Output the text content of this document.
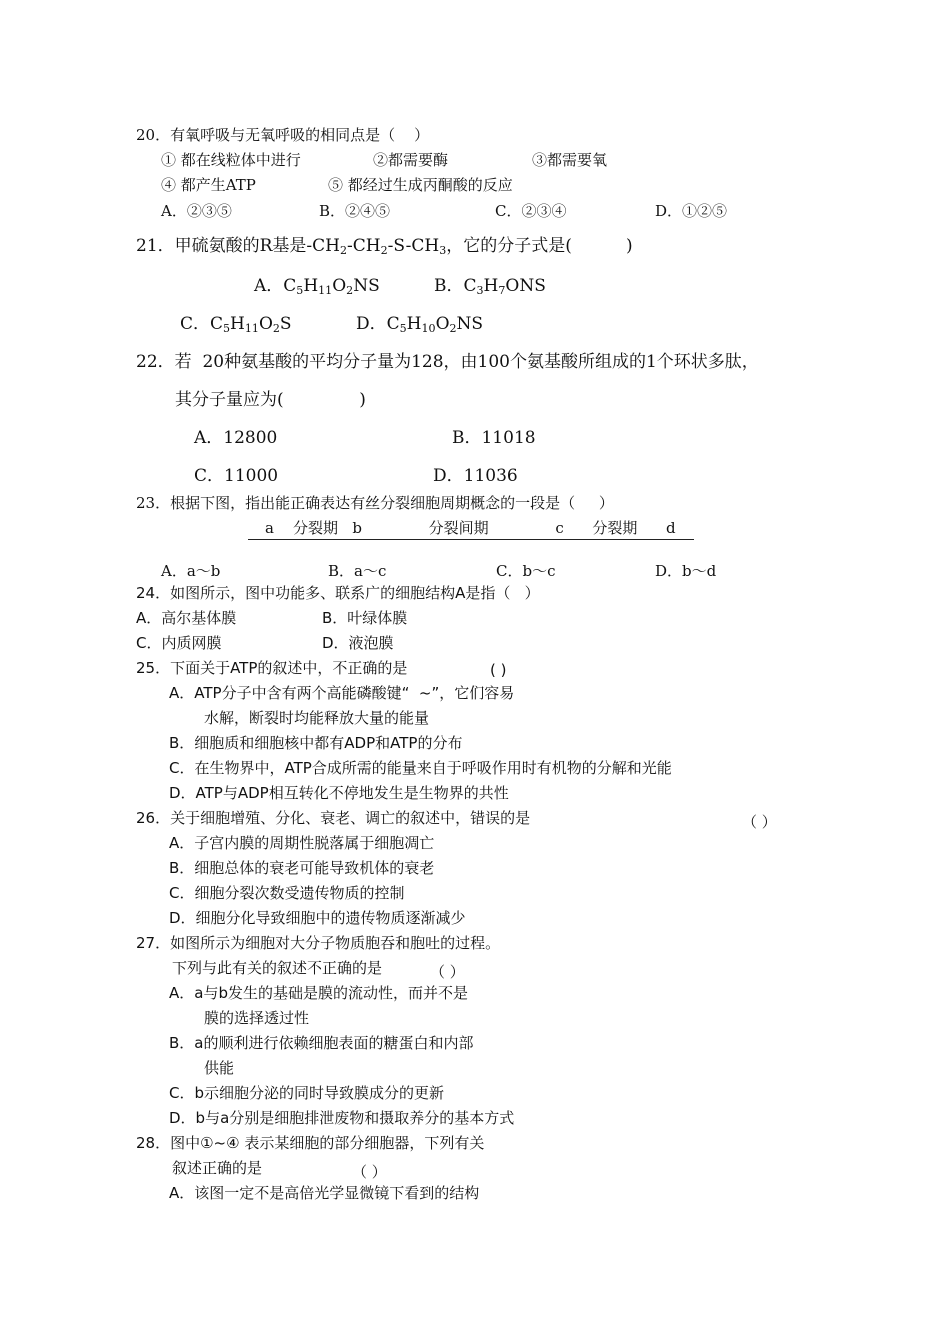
20．有氧呼吸与无氧呼吸的相同点是（    ）
① 都在线粒体中进行	②都需要酶	③都需要氧
④ 都产生ATP	⑤ 都经过生成丙酮酸的反应
A．②③⑤	B．②④⑤	C．②③④	D．①②⑤
21．甲硫氨酸的R基是$-CH_2-CH_2-S-CH_3$，它的分子式是(          )
A．$C_5H_{11}O_2NS$	B．$C_3H_7ONS$
C．$C_5H_{11}O_2S$	D．$C_5H_{10}O_2NS$
22．若  20种氨基酸的平均分子量为128，由100个氨基酸所组成的1个环状多肽，
其分子量应为(              )
A．12800	B．11018
C．11000	D．11036
23．根据下图，指出能正确表达有丝分裂细胞周期概念的一段是（     ）
a    分裂期   b              分裂间期              c      分裂期      d
A．a～b	B．a～c	C．b～c	D．b～d
24．如图所示，图中功能多、联系广的细胞结构A是指（   ）
A．高尔基体膜	B．叶绿体膜
C．内质网膜	D．液泡膜
25．下面关于ATP的叙述中，不正确的是	( )
A．ATP分子中含有两个高能磷酸键“  ~”，它们容易
水解，断裂时均能释放大量的能量
B．细胞质和细胞核中都有ADP和ATP的分布
C．在生物界中，ATP合成所需的能量来自于呼吸作用时有机物的分解和光能
D．ATP与ADP相互转化不停地发生是生物界的共性
26．关于细胞增殖、分化、衰老、调亡的叙述中，错误的是	（ ）
A．子宫内膜的周期性脱落属于细胞凋亡
B．细胞总体的衰老可能导致机体的衰老
C．细胞分裂次数受遗传物质的控制
D．细胞分化导致细胞中的遗传物质逐渐减少
27．如图所示为细胞对大分子物质胞吞和胞吐的过程。
下列与此有关的叙述不正确的是	（ ）
A．a与b发生的基础是膜的流动性，而并不是
膜的选择透过性
B．a的顺利进行依赖细胞表面的糖蛋白和内部
供能
C．b示细胞分泌的同时导致膜成分的更新
D．b与a分别是细胞排泄废物和摄取养分的基本方式
28．图中①~④ 表示某细胞的部分细胞器，下列有关
叙述正确的是	（ ）
A．该图一定不是高倍光学显微镜下看到的结构
